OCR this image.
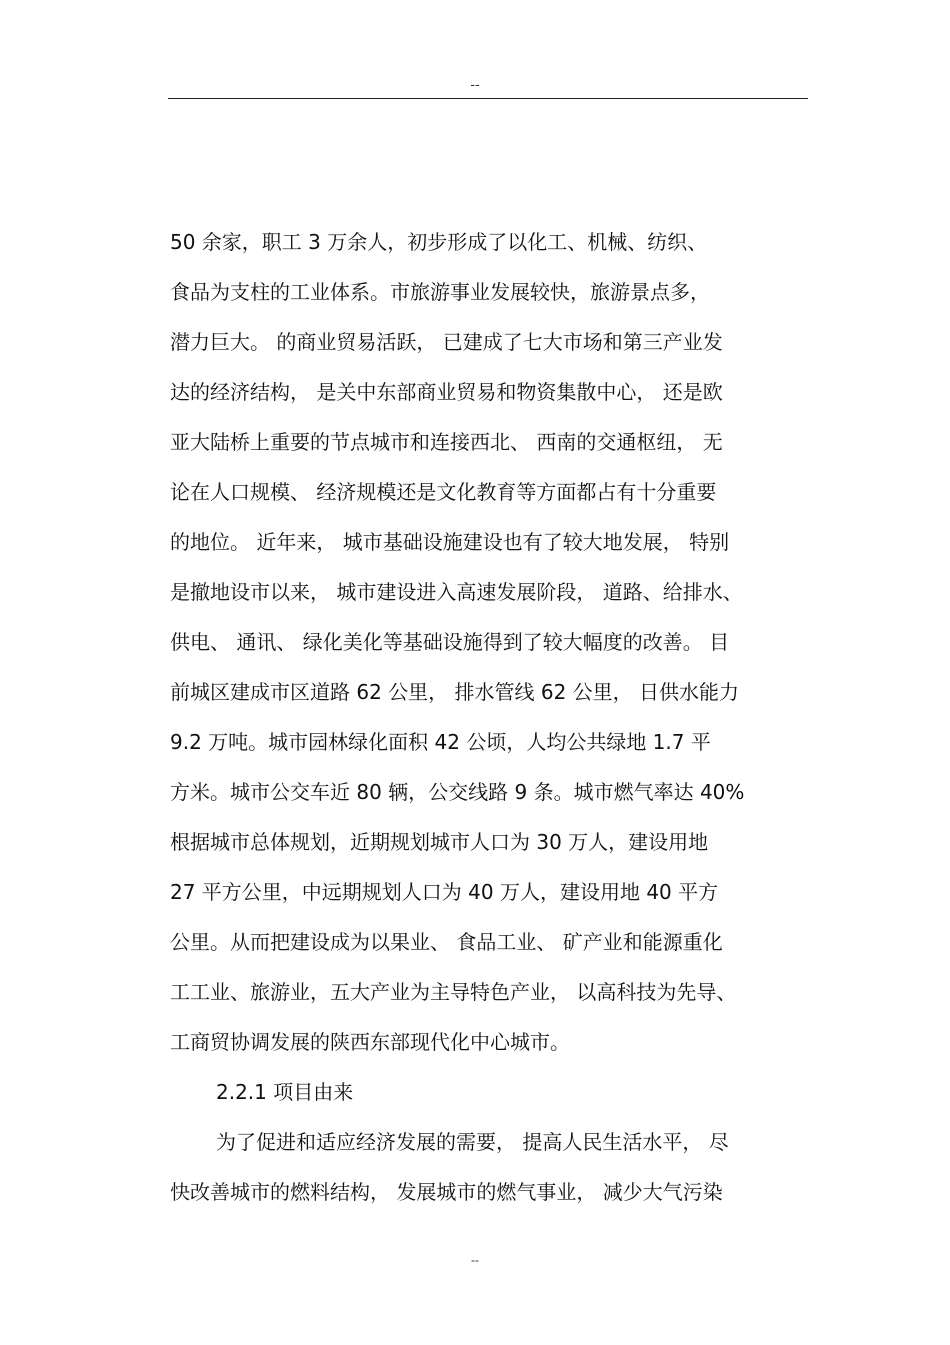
--
50 余家，职工 3 万余人，初步形成了以化工、机械、纺织、
食品为支柱的工业体系。市旅游事业发展较快，旅游景点多，
潜力巨大。 的商业贸易活跃， 已建成了七大市场和第三产业发
达的经济结构， 是关中东部商业贸易和物资集散中心， 还是欧
亚大陆桥上重要的节点城市和连接西北、 西南的交通枢纽， 无
论在人口规模、 经济规模还是文化教育等方面都占有十分重要
的地位。 近年来， 城市基础设施建设也有了较大地发展， 特别
是撤地设市以来， 城市建设进入高速发展阶段， 道路、给排水、
供电、 通讯、 绿化美化等基础设施得到了较大幅度的改善。 目
前城区建成市区道路 62 公里， 排水管线 62 公里， 日供水能力
9.2 万吨。城市园林绿化面积 42 公顷，人均公共绿地 1.7 平
方米。城市公交车近 80 辆，公交线路 9 条。城市燃气率达 40%
根据城市总体规划，近期规划城市人口为 30 万人，建设用地
27 平方公里，中远期规划人口为 40 万人，建设用地 40 平方
公里。从而把建设成为以果业、 食品工业、 矿产业和能源重化
工工业、旅游业，五大产业为主导特色产业， 以高科技为先导、
工商贸协调发展的陕西东部现代化中心城市。
2.2.1 项目由来
为了促进和适应经济发展的需要， 提高人民生活水平， 尽
快改善城市的燃料结构， 发展城市的燃气事业， 减少大气污染
--
